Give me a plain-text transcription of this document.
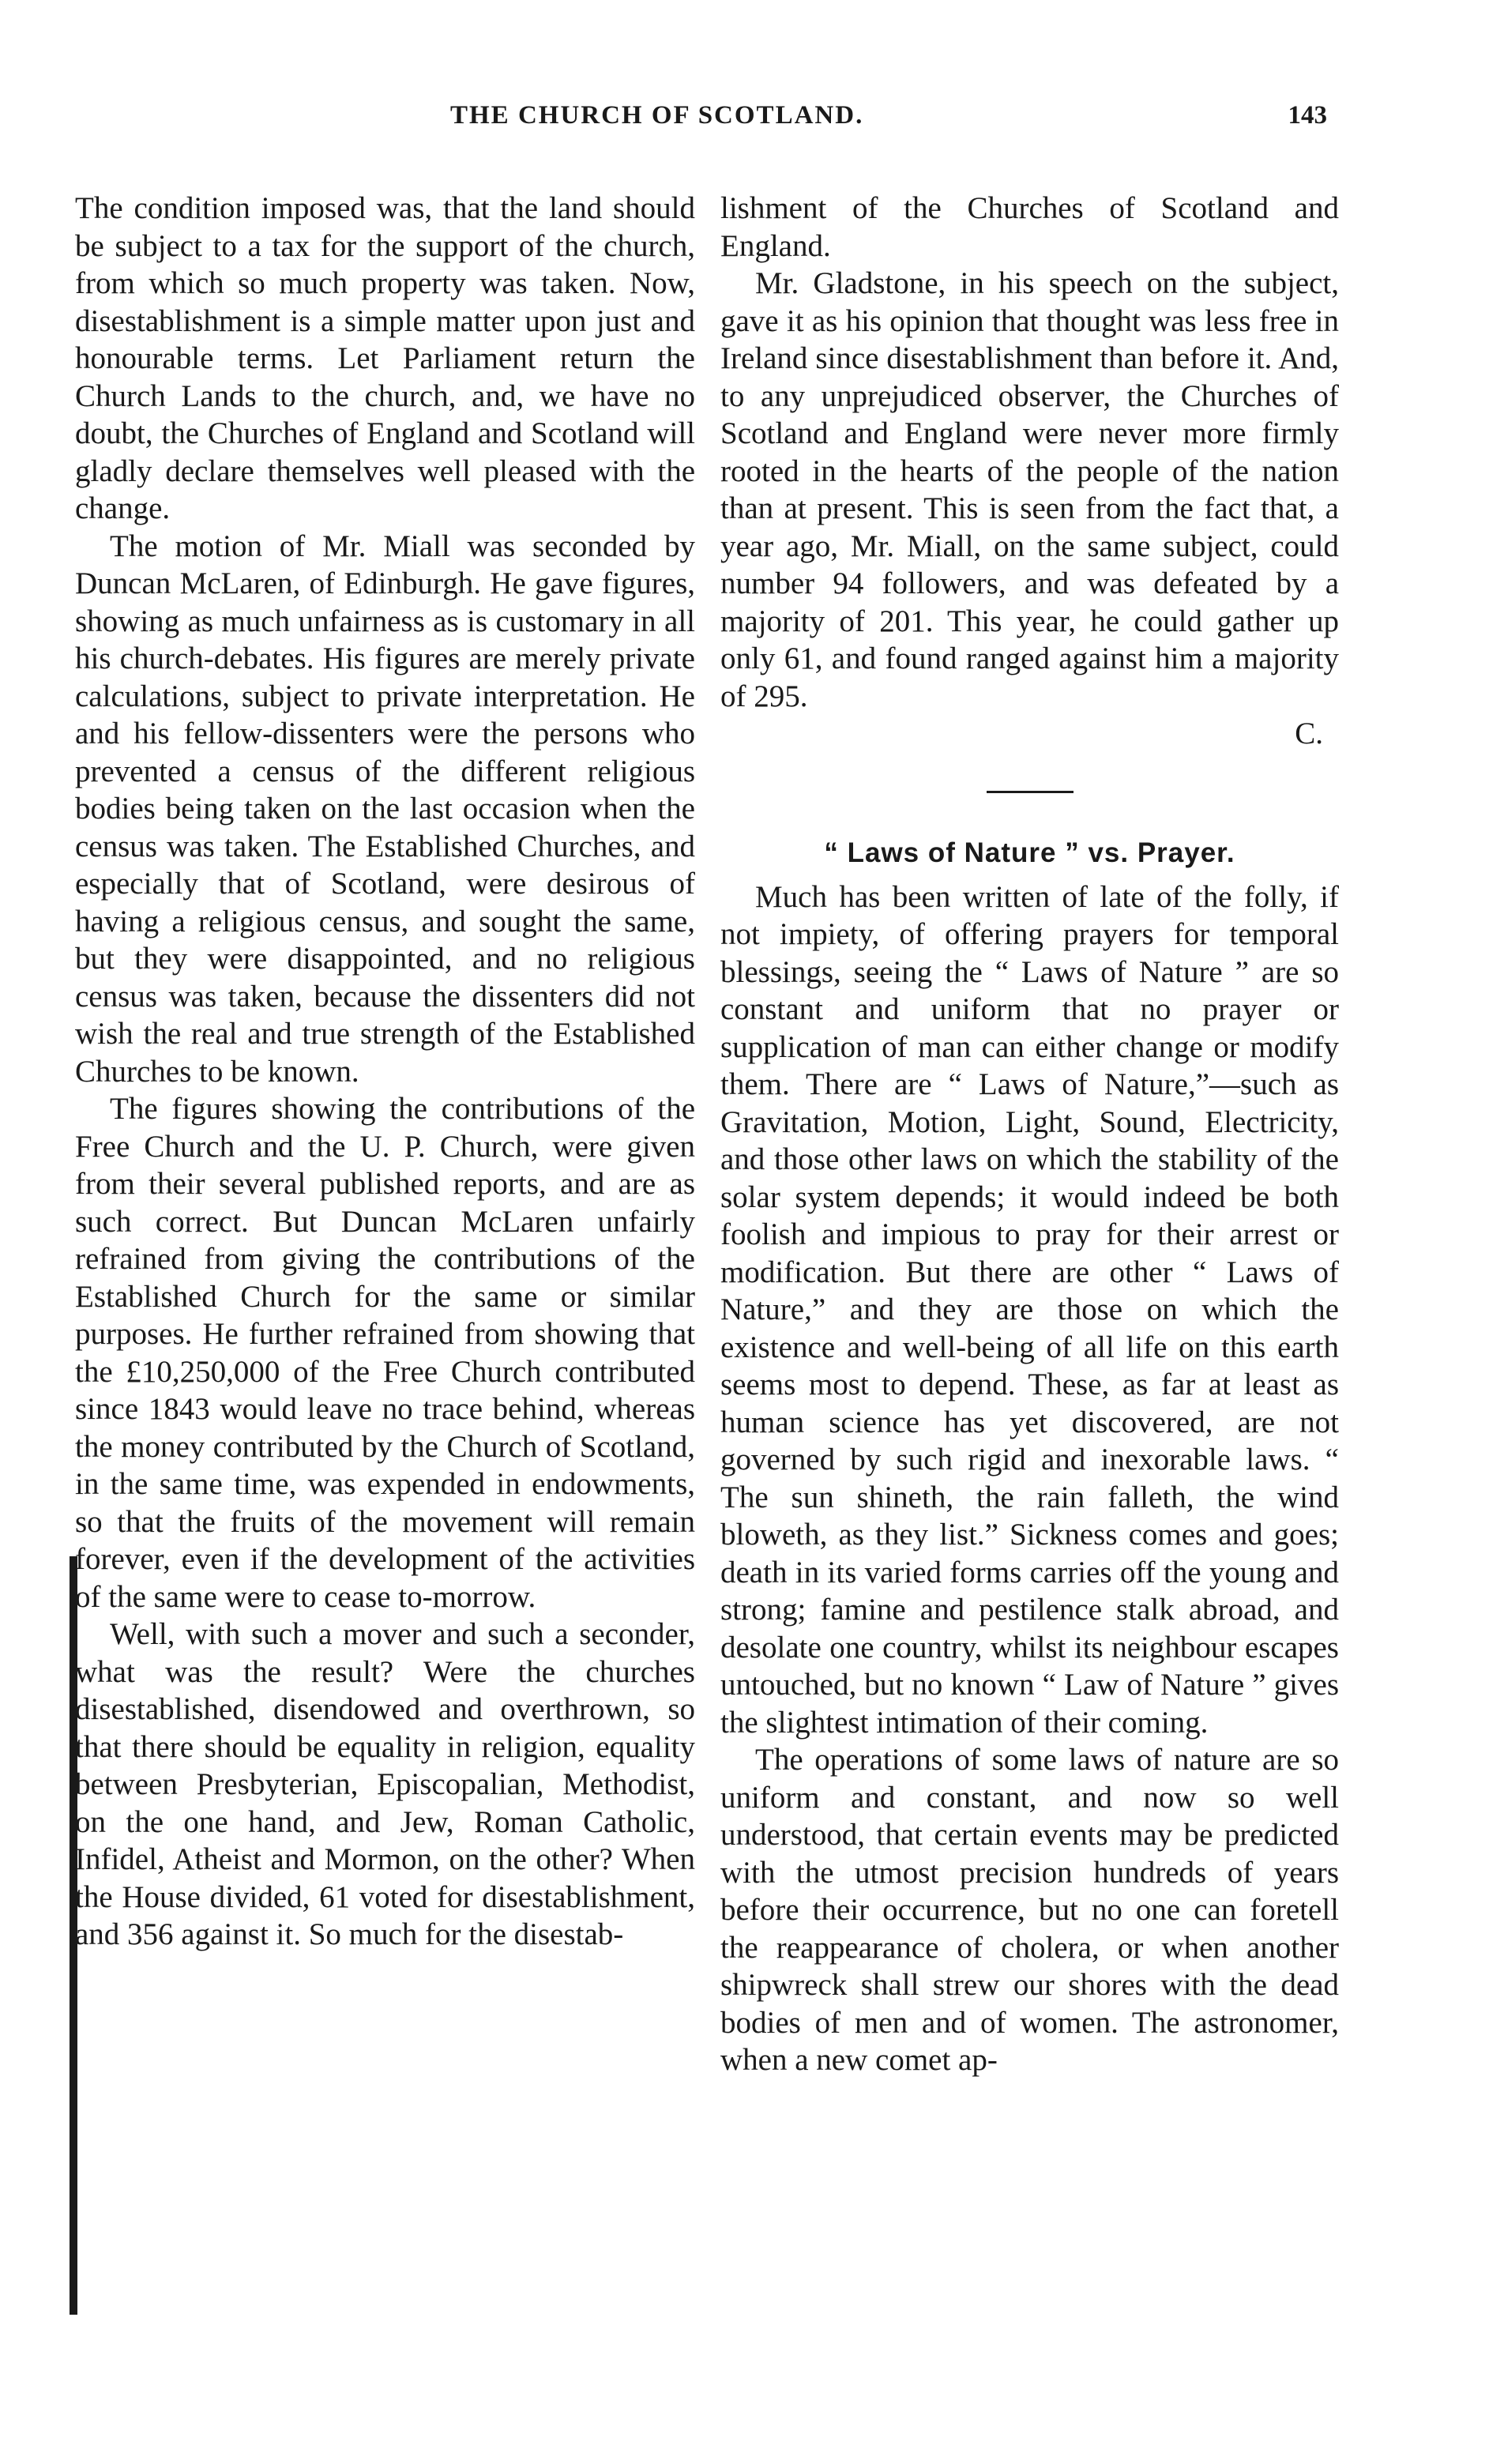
THE CHURCH OF SCOTLAND.	143

The condition imposed was, that the land should be subject to a tax for the support of the church, from which so much property was taken. Now, disestablishment is a simple matter upon just and honourable terms. Let Parliament return the Church Lands to the church, and, we have no doubt, the Churches of England and Scotland will gladly declare themselves well pleased with the change.

The motion of Mr. Miall was seconded by Duncan McLaren, of Edinburgh. He gave figures, showing as much unfairness as is customary in all his church-debates. His figures are merely private calculations, subject to private interpretation. He and his fellow-dissenters were the persons who prevented a census of the different religious bodies being taken on the last occasion when the census was taken. The Established Churches, and especially that of Scotland, were desirous of having a religious census, and sought the same, but they were disappointed, and no religious census was taken, because the dissenters did not wish the real and true strength of the Established Churches to be known.

The figures showing the contributions of the Free Church and the U. P. Church, were given from their several published reports, and are as such correct. But Duncan McLaren unfairly refrained from giving the contributions of the Established Church for the same or similar purposes. He further refrained from showing that the £10,250,000 of the Free Church contributed since 1843 would leave no trace behind, whereas the money contributed by the Church of Scotland, in the same time, was expended in endowments, so that the fruits of the movement will remain forever, even if the development of the activities of the same were to cease to-morrow.

Well, with such a mover and such a seconder, what was the result? Were the churches disestablished, disendowed and overthrown, so that there should be equality in religion, equality between Presbyterian, Episcopalian, Methodist, on the one hand, and Jew, Roman Catholic, Infidel, Atheist and Mormon, on the other? When the House divided, 61 voted for disestablishment, and 356 against it. So much for the disestab-

lishment of the Churches of Scotland and England.

Mr. Gladstone, in his speech on the subject, gave it as his opinion that thought was less free in Ireland since disestablishment than before it. And, to any unprejudiced observer, the Churches of Scotland and England were never more firmly rooted in the hearts of the people of the nation than at present. This is seen from the fact that, a year ago, Mr. Miall, on the same subject, could number 94 followers, and was defeated by a majority of 201. This year, he could gather up only 61, and found ranged against him a majority of 295.

C.

“ Laws of Nature ” vs. Prayer.

Much has been written of late of the folly, if not impiety, of offering prayers for temporal blessings, seeing the “ Laws of Nature ” are so constant and uniform that no prayer or supplication of man can either change or modify them. There are “ Laws of Nature,”—such as Gravitation, Motion, Light, Sound, Electricity, and those other laws on which the stability of the solar system depends; it would indeed be both foolish and impious to pray for their arrest or modification. But there are other “ Laws of Nature,” and they are those on which the existence and well-being of all life on this earth seems most to depend. These, as far at least as human science has yet discovered, are not governed by such rigid and inexorable laws. “ The sun shineth, the rain falleth, the wind bloweth, as they list.” Sickness comes and goes; death in its varied forms carries off the young and strong; famine and pestilence stalk abroad, and desolate one country, whilst its neighbour escapes untouched, but no known “ Law of Nature ” gives the slightest intimation of their coming.

The operations of some laws of nature are so uniform and constant, and now so well understood, that certain events may be predicted with the utmost precision hundreds of years before their occurrence, but no one can foretell the reappearance of cholera, or when another shipwreck shall strew our shores with the dead bodies of men and of women. The astronomer, when a new comet ap-
